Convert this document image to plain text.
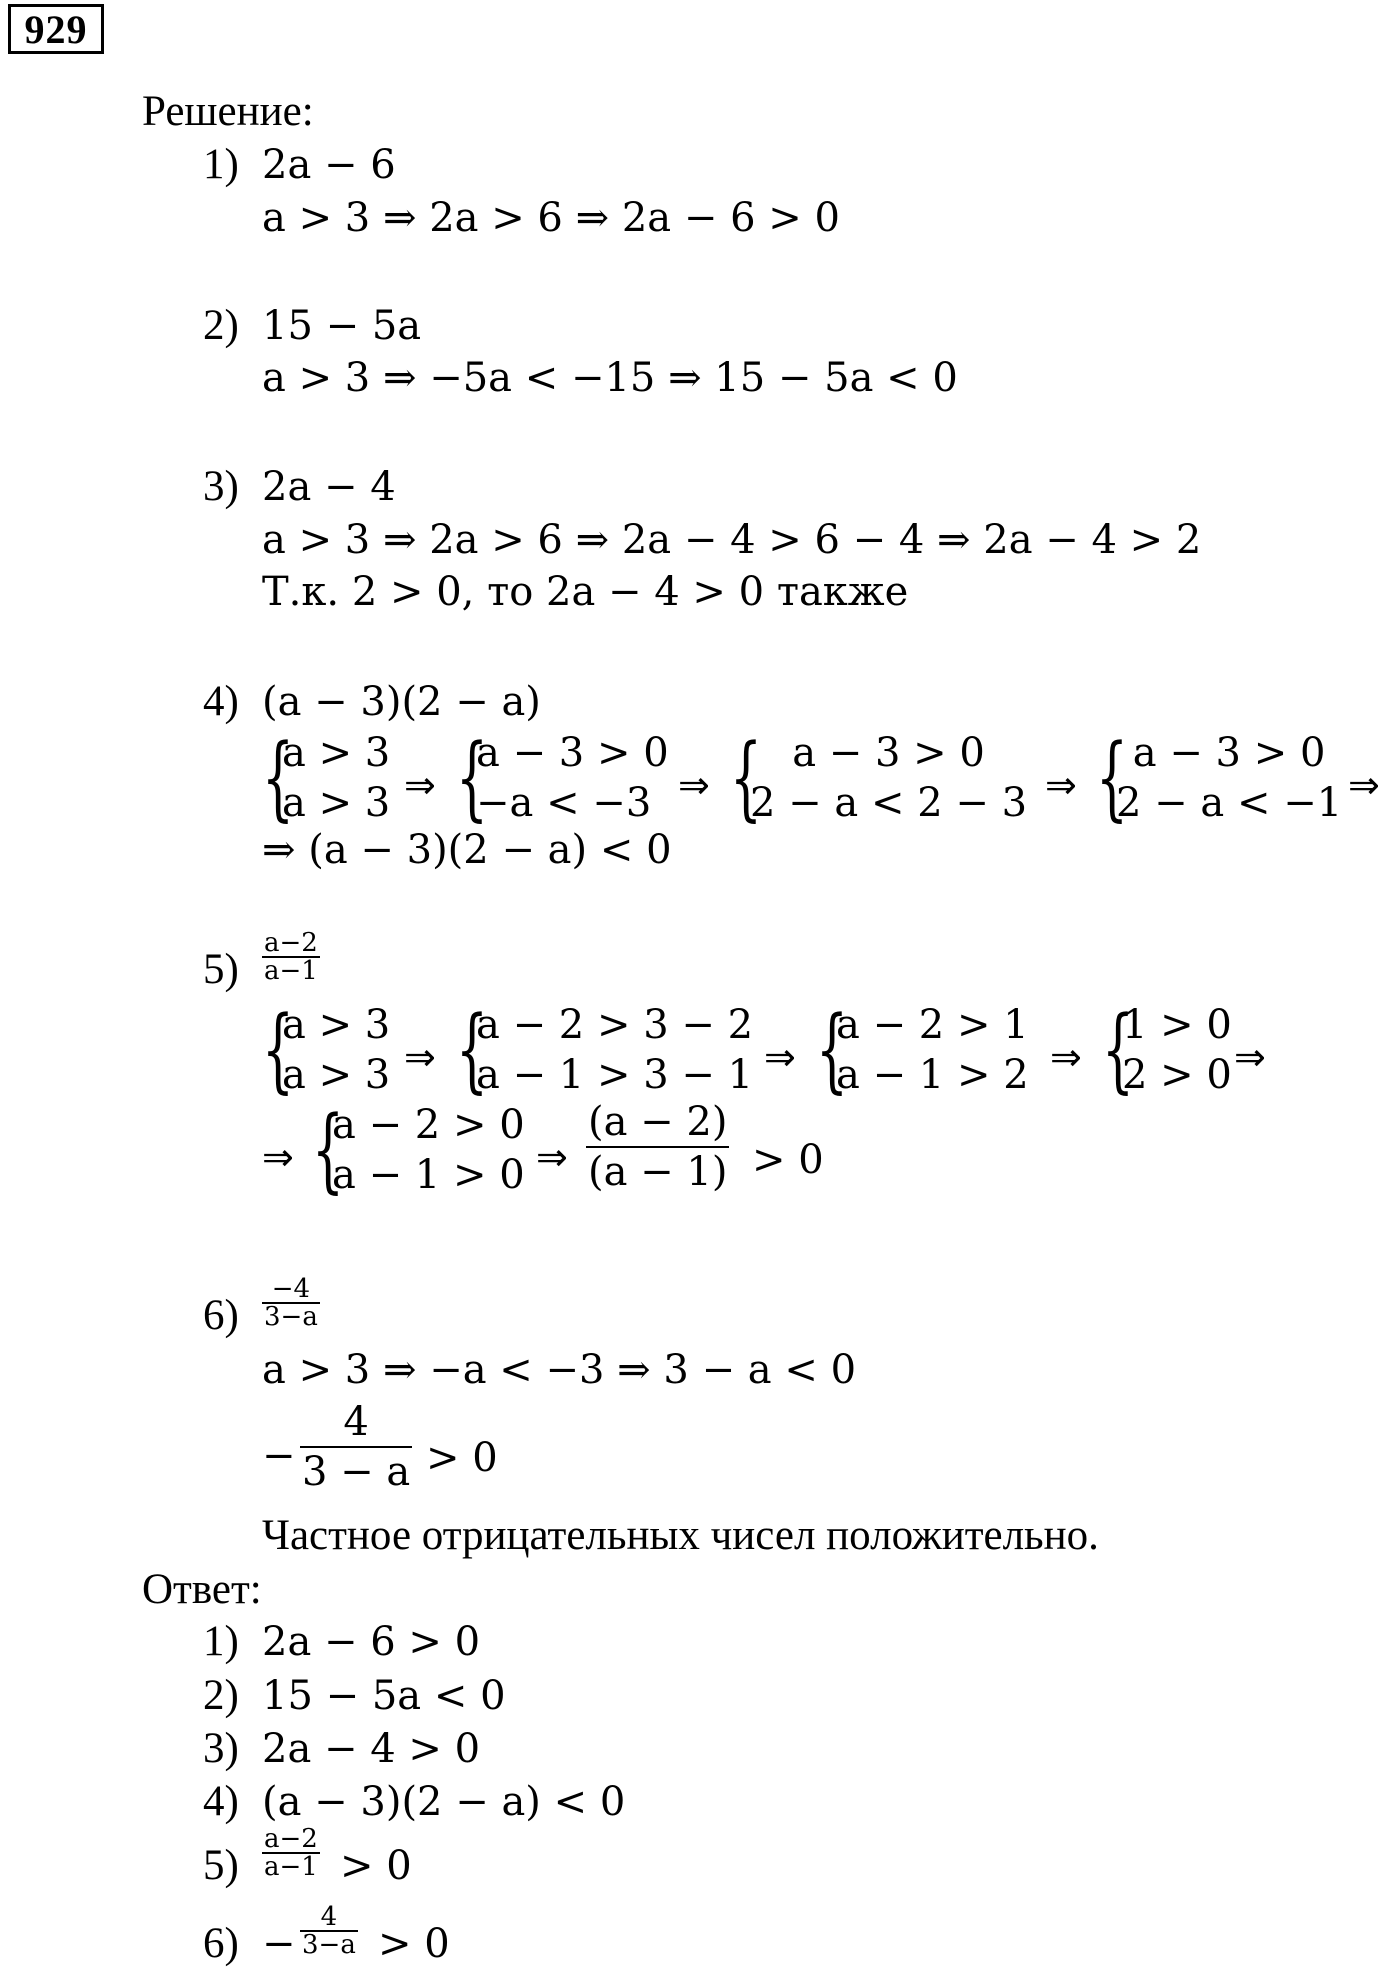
929
Решение:
1) 2a − 6
a > 3 ⇒ 2a > 6 ⇒ 2a − 6 > 0
2) 15 − 5a
a > 3 ⇒ −5a < −15 ⇒ 15 − 5a < 0
3) 2a − 4
a > 3 ⇒ 2a > 6 ⇒ 2a − 4 > 6 − 4 ⇒ 2a − 4 > 2
Т.к. 2 > 0, то 2a − 4 > 0 также
4) (a − 3)(2 − a)
{
a > 3
a > 3 ⇒ {
a − 3 > 0
−a < −3 ⇒ { a − 3 > 0
2 − a < 2 − 3 ⇒ { a − 3 > 0
2 − a < −1 ⇒
⇒ (a − 3)(2 − a) < 0
5)
a−2
a−1
{
a > 3
a > 3 ⇒ {
a − 2 > 3 − 2
a − 1 > 3 − 1 ⇒ {
a − 2 > 1
a − 1 > 2 ⇒ {
1 > 0
2 > 0 ⇒
⇒ {
a − 2 > 0
a − 1 > 0 ⇒
(a − 2)
(a − 1) > 0
6)
−4
3−a
a > 3 ⇒ −a < −3 ⇒ 3 − a < 0
−
4
3 − a > 0
Частное отрицательных чисел положительно.
Ответ:
1) 2a − 6 > 0
2) 15 − 5a < 0
3) 2a − 4 > 0
4) (a − 3)(2 − a) < 0
5)
a−2
a−1 > 0
6) −
4
3−a > 0
